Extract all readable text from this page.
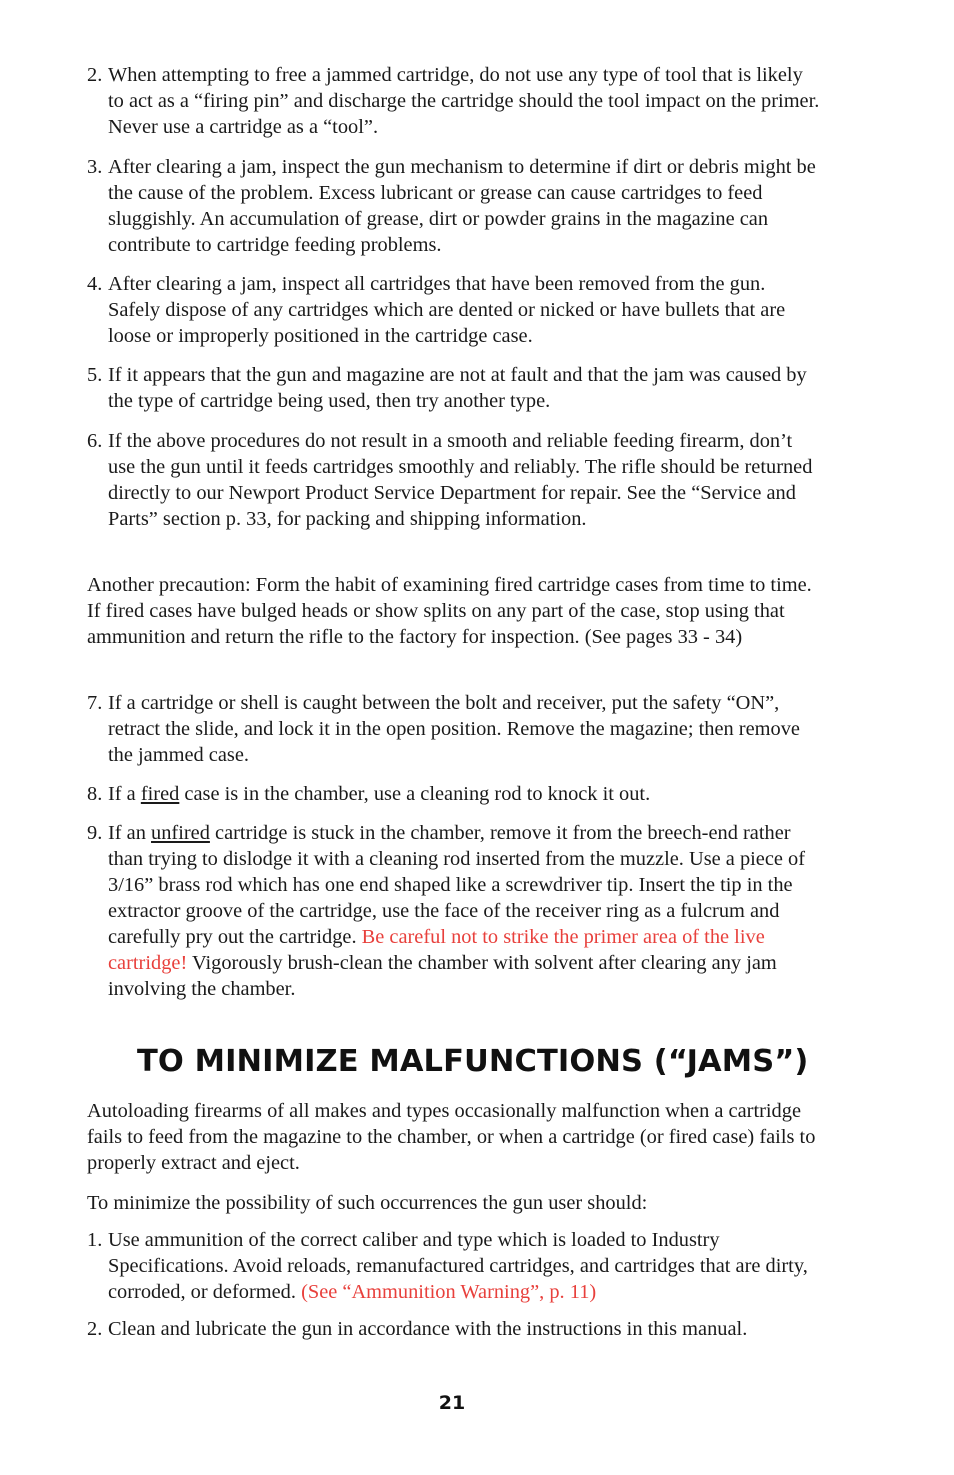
2. When attempting to free a jammed cartridge, do not use any type of tool that is likely to act as a “firing pin” and discharge the cartridge should the tool impact on the primer. Never use a cartridge as a “tool”.
3. After clearing a jam, inspect the gun mechanism to determine if dirt or debris might be the cause of the problem. Excess lubricant or grease can cause cartridges to feed sluggishly. An accumulation of grease, dirt or powder grains in the magazine can contribute to cartridge feeding problems.
4. After clearing a jam, inspect all cartridges that have been removed from the gun. Safely dispose of any cartridges which are dented or nicked or have bullets that are loose or improperly positioned in the cartridge case.
5. If it appears that the gun and magazine are not at fault and that the jam was caused by the type of cartridge being used, then try another type.
6. If the above procedures do not result in a smooth and reliable feeding firearm, don’t use the gun until it feeds cartridges smoothly and reliably. The rifle should be returned directly to our Newport Product Service Department for repair. See the “Service and Parts” section p. 33, for packing and shipping information.
Another precaution: Form the habit of examining fired cartridge cases from time to time. If fired cases have bulged heads or show splits on any part of the case, stop using that ammunition and return the rifle to the factory for inspection. (See pages 33 - 34)
7. If a cartridge or shell is caught between the bolt and receiver, put the safety “ON”, retract the slide, and lock it in the open position. Remove the magazine; then remove the jammed case.
8. If a fired case is in the chamber, use a cleaning rod to knock it out.
9. If an unfired cartridge is stuck in the chamber, remove it from the breech-end rather than trying to dislodge it with a cleaning rod inserted from the muzzle. Use a piece of 3/16” brass rod which has one end shaped like a screwdriver tip. Insert the tip in the extractor groove of the cartridge, use the face of the receiver ring as a fulcrum and carefully pry out the cartridge. Be careful not to strike the primer area of the live cartridge! Vigorously brush-clean the chamber with solvent after clearing any jam involving the chamber.
TO MINIMIZE MALFUNCTIONS (“JAMS”)
Autoloading firearms of all makes and types occasionally malfunction when a cartridge fails to feed from the magazine to the chamber, or when a cartridge (or fired case) fails to properly extract and eject.
To minimize the possibility of such occurrences the gun user should:
1. Use ammunition of the correct caliber and type which is loaded to Industry Specifications. Avoid reloads, remanufactured cartridges, and cartridges that are dirty, corroded, or deformed. (See “Ammunition Warning”, p. 11)
2. Clean and lubricate the gun in accordance with the instructions in this manual.
21
